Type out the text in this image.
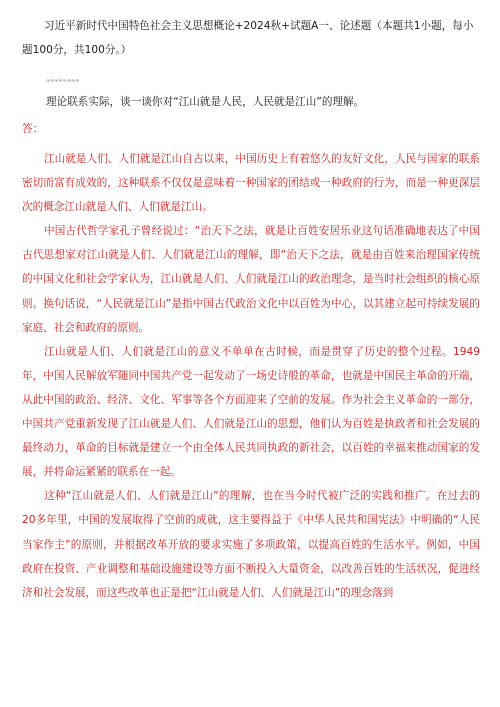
习近平新时代中国特色社会主义思想概论+2024秋+试题A一、论述题（本题共1小题，每小题100分，共100分。）
∞∞∞∞∞∞∞∞

理论联系实际，谈一谈你对“江山就是人民，人民就是江山”的理解。

答：

江山就是人们、人们就是江山自古以来，中国历史上有着悠久的友好文化，人民与国家的联系密切而富有成效的，这种联系不仅仅是意味着一种国家的团结或一种政府的行为，而是一种更深层次的概念江山就是人们、人们就是江山。

中国古代哲学家孔子曾经说过：“治天下之法，就是让百姓安居乐业这句话准确地表达了中国古代思想家对江山就是人们、人们就是江山的理解，即“治天下之法，就是由百姓来治理国家传统的中国文化和社会学家认为，江山就是人们、人们就是江山的政治理念，是当时社会组织的核心原则。换句话说，“人民就是江山”是指中国古代政治文化中以百姓为中心，以其建立起可持续发展的家庭、社会和政府的原则。

江山就是人们、人们就是江山的意义不单单在古时候，而是贯穿了历史的整个过程。1949年，中国人民解放军随同中国共产党一起发动了一场史诗般的革命，也就是中国民主革命的开端，从此中国的政治、经济、文化、军事等各个方面迎来了空前的发展。作为社会主义革命的一部分，中国共产党重新发现了江山就是人们、人们就是江山的思想，他们认为百姓是执政者和社会发展的最终动力，革命的目标就是建立一个由全体人民共同执政的新社会，以百姓的幸福来推动国家的发展，并将命运紧紧的联系在一起。

这种“江山就是人们、人们就是江山”的理解，也在当今时代被广泛的实践和推广。在过去的20多年里，中国的发展取得了空前的成就，这主要得益于《中华人民共和国宪法》中明确的“人民当家作主”的原则，并根据改革开放的要求实施了多项政策，以提高百姓的生活水平。例如，中国政府在投资、产业调整和基础设施建设等方面不断投入大量资金，以改善百姓的生活状况，促进经济和社会发展，而这些改革也正是把“江山就是人们、人们就是江山”的理念落到
